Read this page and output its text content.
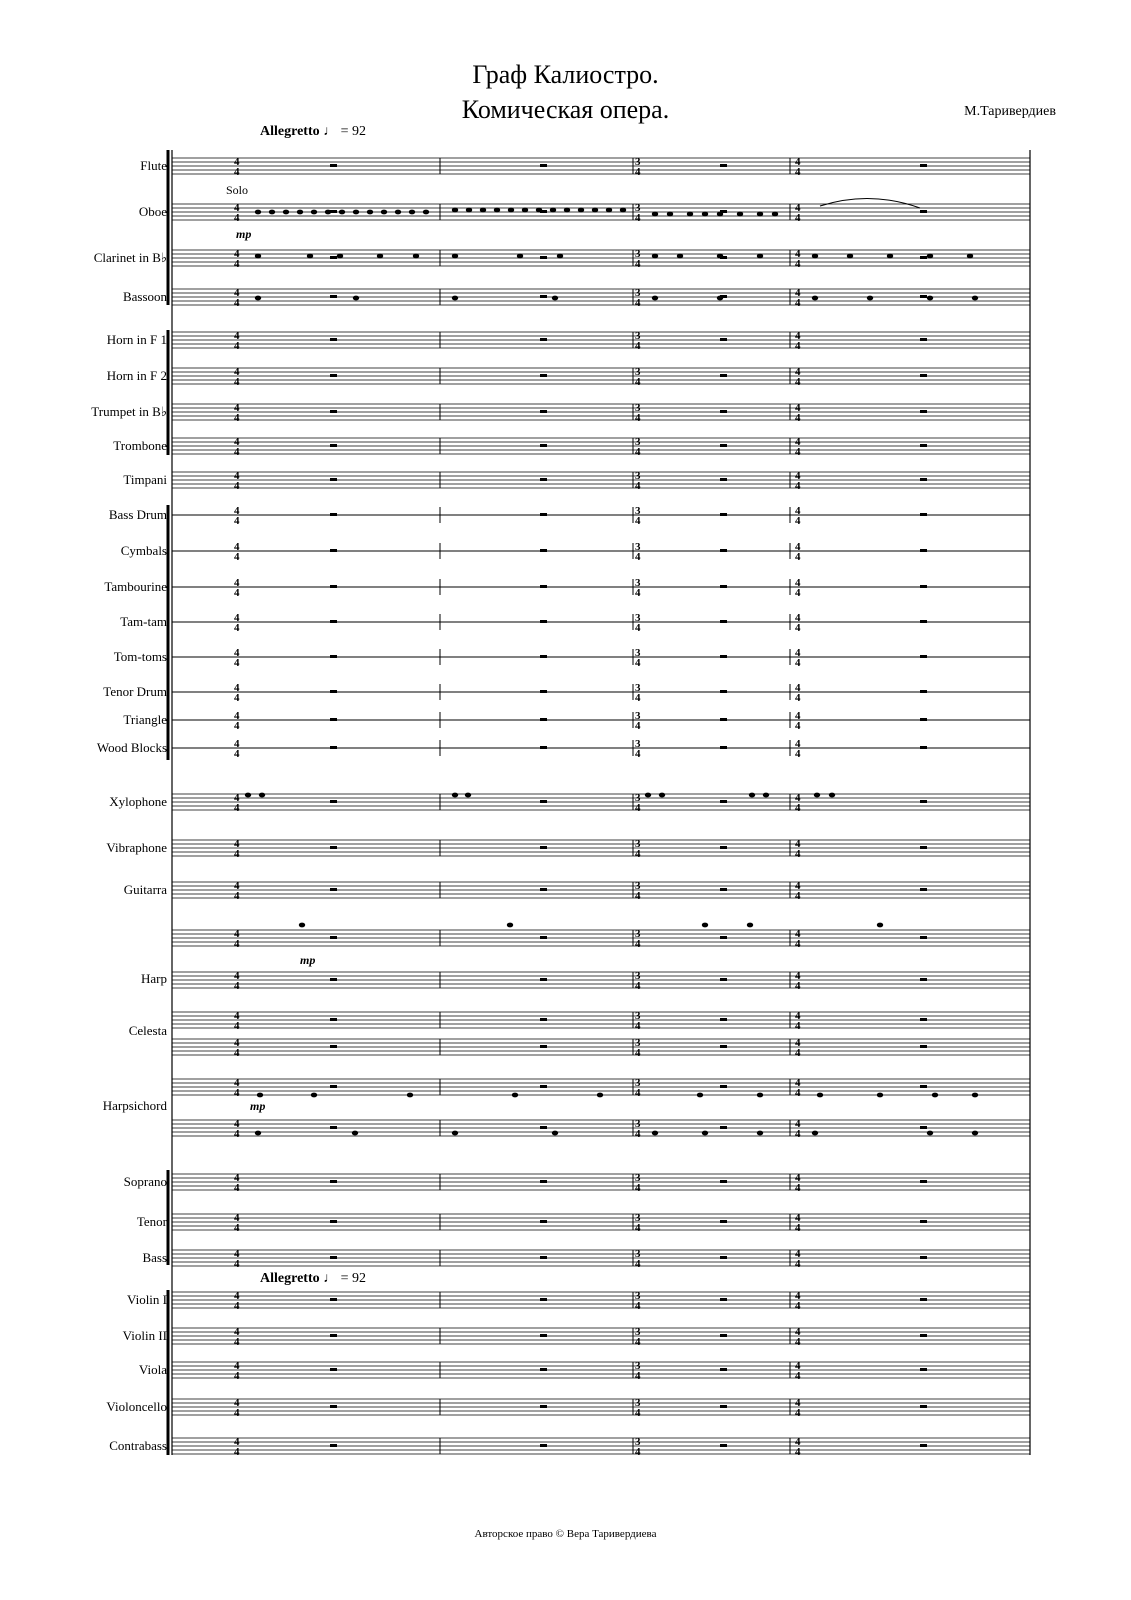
Граф Калиостро.
Комическая опера.	М.Таривердиев
Allegretto ♩ = 92
Allegretto ♩ = 92
Flute
Oboe
Clarinet in B♭
Bassoon
Horn in F 1
Horn in F 2
Trumpet in B♭
Trombone
Timpani
Bass Drum
Cymbals
Tambourine
Tam-tam
Tom-toms
Tenor Drum
Triangle
Wood Blocks
Xylophone
Vibraphone
Guitarra
Harp
Celesta
Harpsichord
Soprano
Tenor
Bass
Violin I
Violin II
Viola
Violoncello
Contrabass
4
4
3
4
4
4
4
4
3
4
4
4
4
4
3
4
4
4
4
4
3
4
4
4
4
4
3
4
4
4
4
4
3
4
4
4
4
4
3
4
4
4
4
4
3
4
4
4
4
4
3
4
4
4
4
4
3
4
4
4
4
4
3
4
4
4
4
4
3
4
4
4
4
4
3
4
4
4
4
4
3
4
4
4
4
4
3
4
4
4
4
4
3
4
4
4
4
4
3
4
4
4
4
4
3
4
4
4
4
4
3
4
4
4
4
4
3
4
4
4
4
4
3
4
4
4
4
4
3
4
4
4
4
4
3
4
4
4
4
4
3
4
4
4
4
4
3
4
4
4
4
4
3
4
4
4
4
4
3
4
4
4
4
4
3
4
4
4
4
4
3
4
4
4
4
4
3
4
4
4
4
4
3
4
4
4
4
4
3
4
4
4
4
4
3
4
4
4
4
4
3
4
4
4
Solo
mp
mp
mp
Авторское право © Вера Таривердиева
